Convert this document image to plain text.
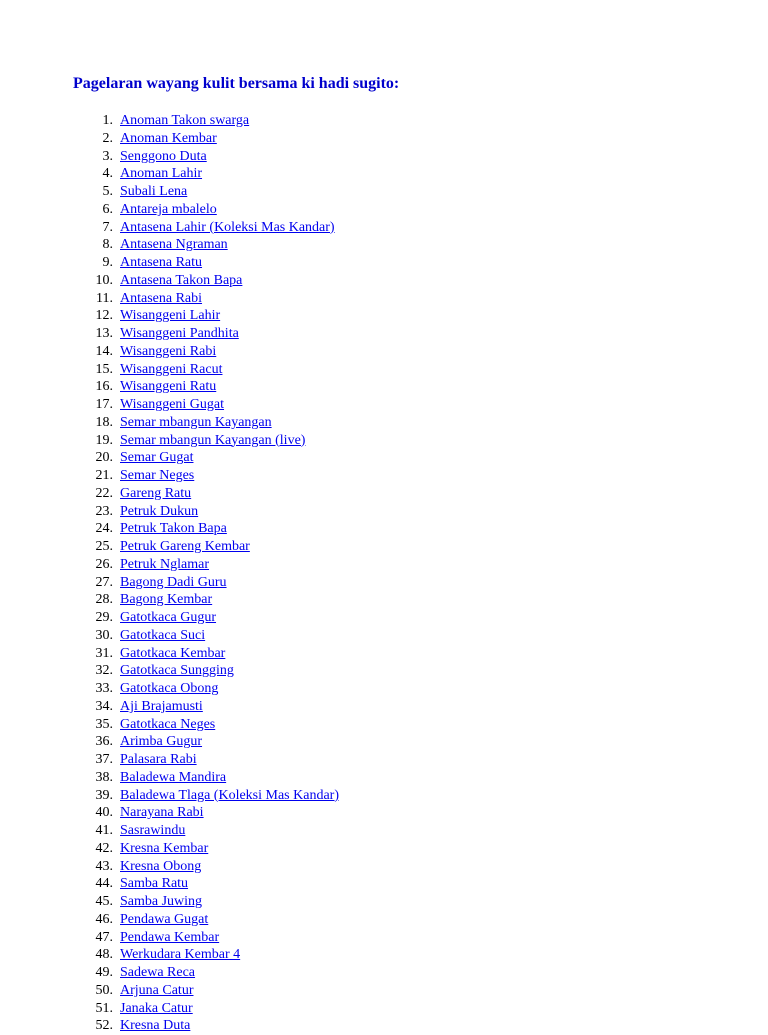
Pagelaran wayang kulit bersama ki hadi sugito:
1. Anoman Takon swarga
2. Anoman Kembar
3. Senggono Duta
4. Anoman Lahir
5. Subali Lena
6. Antareja mbalelo
7. Antasena Lahir (Koleksi Mas Kandar)
8. Antasena Ngraman
9. Antasena Ratu
10. Antasena Takon Bapa
11. Antasena Rabi
12. Wisanggeni Lahir
13. Wisanggeni Pandhita
14. Wisanggeni Rabi
15. Wisanggeni Racut
16. Wisanggeni Ratu
17. Wisanggeni Gugat
18. Semar mbangun Kayangan
19. Semar mbangun Kayangan (live)
20. Semar Gugat
21. Semar Neges
22. Gareng Ratu
23. Petruk Dukun
24. Petruk Takon Bapa
25. Petruk Gareng Kembar
26. Petruk Nglamar
27. Bagong Dadi Guru
28. Bagong Kembar
29. Gatotkaca Gugur
30. Gatotkaca Suci
31. Gatotkaca Kembar
32. Gatotkaca Sungging
33. Gatotkaca Obong
34. Aji Brajamusti
35. Gatotkaca Neges
36. Arimba Gugur
37. Palasara Rabi
38. Baladewa Mandira
39. Baladewa Tlaga (Koleksi Mas Kandar)
40. Narayana Rabi
41. Sasrawindu
42. Kresna Kembar
43. Kresna Obong
44. Samba Ratu
45. Samba Juwing
46. Pendawa Gugat
47. Pendawa Kembar
48. Werkudara Kembar 4
49. Sadewa Reca
50. Arjuna Catur
51. Janaka Catur
52. Kresna Duta
